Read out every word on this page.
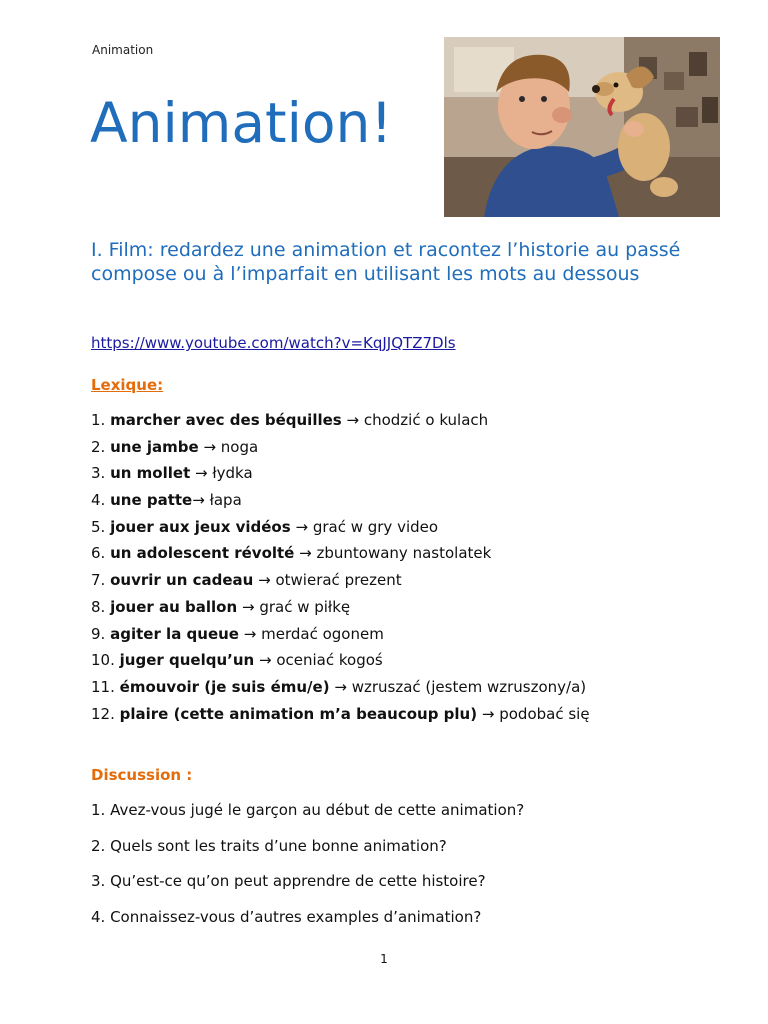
Animation
Animation!
I. Film: redardez une animation et racontez l’historie au passé compose ou à l’imparfait en utilisant les mots au dessous
https://www.youtube.com/watch?v=KqJJQTZ7Dls
Lexique:
1. marcher avec des béquilles → chodzić o kulach
2. une jambe → noga
3. un mollet → łydka
4. une patte→ łapa
5. jouer aux jeux vidéos → grać w gry video
6. un adolescent révolté → zbuntowany nastolatek
7. ouvrir un cadeau → otwierać prezent
8. jouer au ballon → grać w piłkę
9. agiter la queue → merdać ogonem
10. juger quelqu’un → oceniać kogoś
11. émouvoir (je suis ému/e) → wzruszać (jestem wzruszony/a)
12. plaire (cette animation m’a beaucoup plu) → podobać się
Discussion :
1. Avez-vous jugé le garçon au début de cette animation?
2. Quels sont les traits d’une bonne animation?
3. Qu’est-ce qu’on peut apprendre de cette histoire?
4. Connaissez-vous d’autres examples d’animation?
1
